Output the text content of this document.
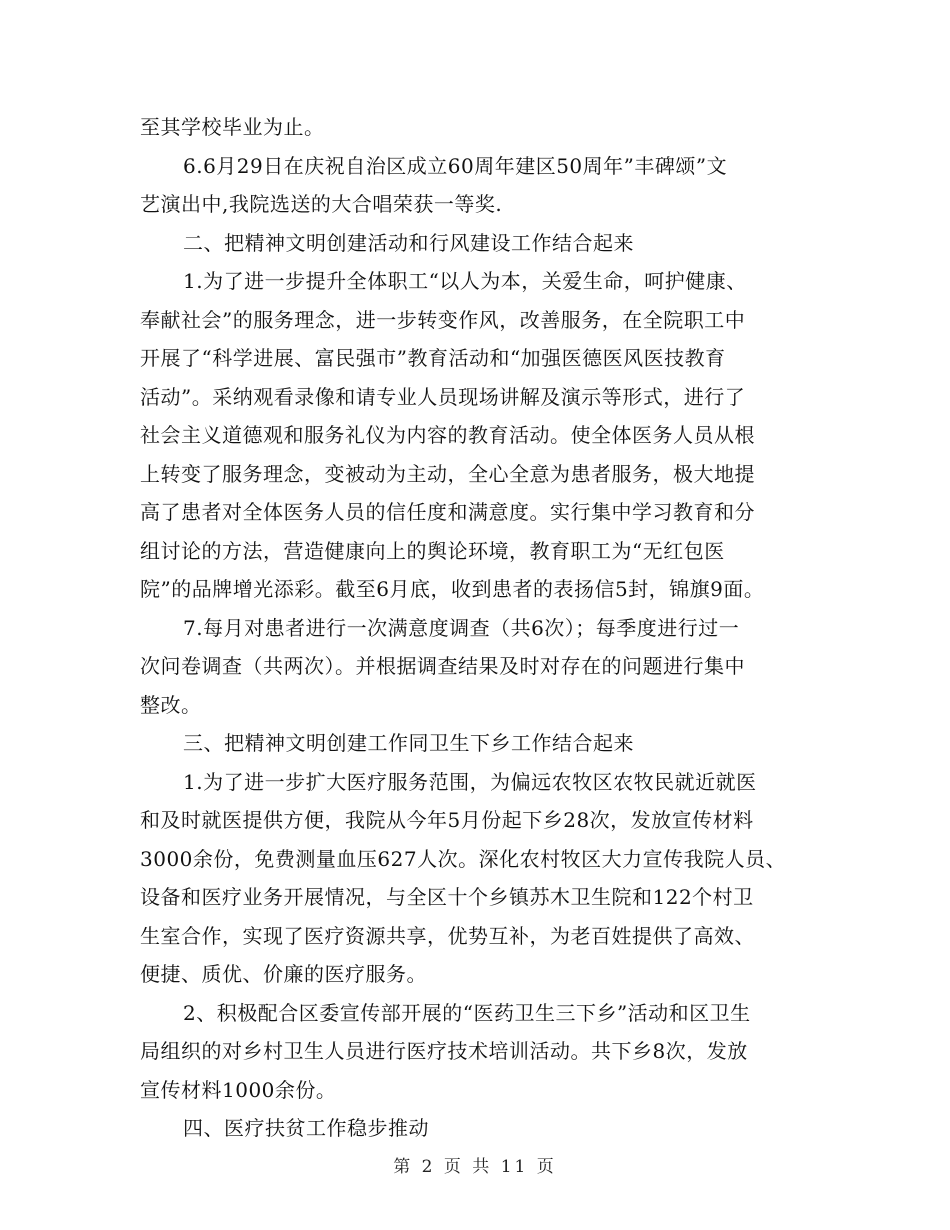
至其学校毕业为止。
6.6月29日在庆祝自治区成立60周年建区50周年”丰碑颂”文
艺演出中,我院选送的大合唱荣获一等奖.
二、把精神文明创建活动和行风建设工作结合起来
1.为了进一步提升全体职工“以人为本，关爱生命，呵护健康、
奉献社会”的服务理念，进一步转变作风，改善服务，在全院职工中
开展了“科学进展、富民强市”教育活动和“加强医德医风医技教育
活动”。采纳观看录像和请专业人员现场讲解及演示等形式，进行了
社会主义道德观和服务礼仪为内容的教育活动。使全体医务人员从根
上转变了服务理念，变被动为主动，全心全意为患者服务，极大地提
高了患者对全体医务人员的信任度和满意度。实行集中学习教育和分
组讨论的方法，营造健康向上的舆论环境，教育职工为“无红包医
院”的品牌增光添彩。截至6月底，收到患者的表扬信5封，锦旗9面。
7.每月对患者进行一次满意度调查（共6次）；每季度进行过一
次问卷调查（共两次）。并根据调查结果及时对存在的问题进行集中
整改。
三、把精神文明创建工作同卫生下乡工作结合起来
1.为了进一步扩大医疗服务范围，为偏远农牧区农牧民就近就医
和及时就医提供方便，我院从今年5月份起下乡28次，发放宣传材料
3000余份，免费测量血压627人次。深化农村牧区大力宣传我院人员、
设备和医疗业务开展情况，与全区十个乡镇苏木卫生院和122个村卫
生室合作，实现了医疗资源共享，优势互补，为老百姓提供了高效、
便捷、质优、价廉的医疗服务。
2、积极配合区委宣传部开展的“医药卫生三下乡”活动和区卫生
局组织的对乡村卫生人员进行医疗技术培训活动。共下乡8次，发放
宣传材料1000余份。
四、医疗扶贫工作稳步推动
第 2 页 共 11 页
